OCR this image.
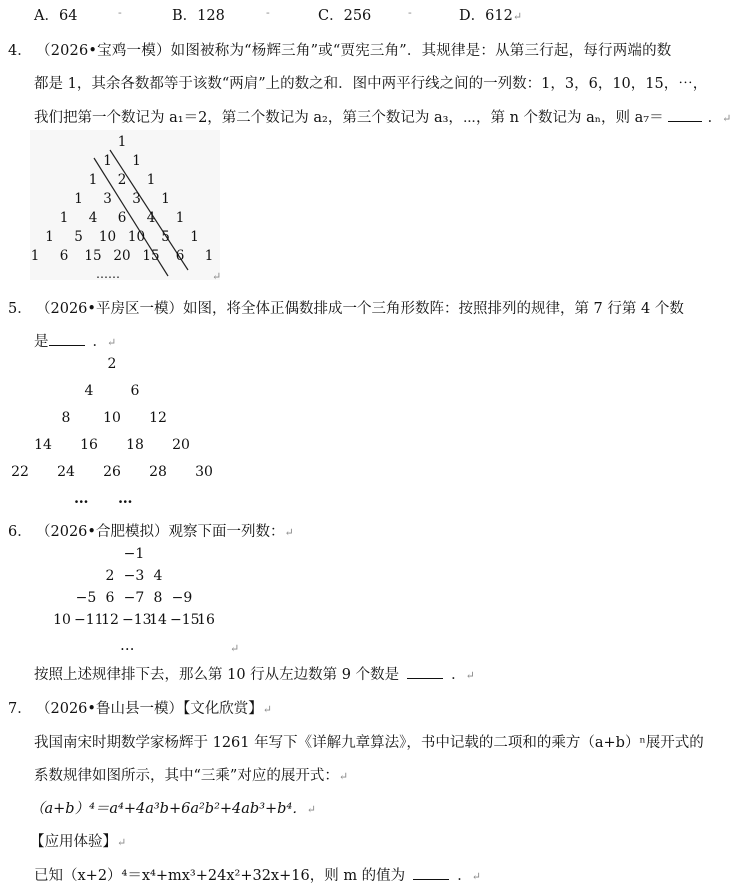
A．64	-	B．128	-	C．256	-	D．612↵
4． （2026•宝鸡一模）如图被称为“杨辉三角”或“贾宪三角”．其规律是：从第三行起，每行两端的数
都是 1，其余各数都等于该数“两肩”上的数之和．图中两平行线之间的一列数：1，3，6，10，15，⋯，
我们把第一个数记为 a₁＝2，第二个数记为 a₂，第三个数记为 a₃，⋯，第 n 个数记为 aₙ，则 a₇＝	．↵
1
1	1
1	2	1
1	3	3	1
1	4	6	4	1
1	5	10 10	5	1
1	6	15 20 15	6	1
……	↵
5． （2026•平房区一模）如图，将全体正偶数排成一个三角形数阵：按照排列的规律，第 7 行第 4 个数
是	．↵
2
4	6
8	10 12
14 16 18 20
22 24 26 28 30
… …
6． （2026•合肥模拟）观察下面一列数：↵
−1
2 −3 4
−5 6 −7 8 −9
10 −11
12 −13
14 −15
16
…	↵
按照上述规律排下去，那么第 10 行从左边数第 9 个数是	．↵
7． （2026•鲁山县一模）【文化欣赏】↵
我国南宋时期数学家杨辉于 1261 年写下《详解九章算法》，书中记载的二项和的乘方（a+b）ⁿ展开式的
系数规律如图所示，其中“三乘”对应的展开式：↵
（a+b）⁴＝a⁴+4a³b+6a²b²+4ab³+b⁴．↵
【应用体验】↵
已知（x+2）⁴＝x⁴+mx³+24x²+32x+16，则 m 的值为	．↵
